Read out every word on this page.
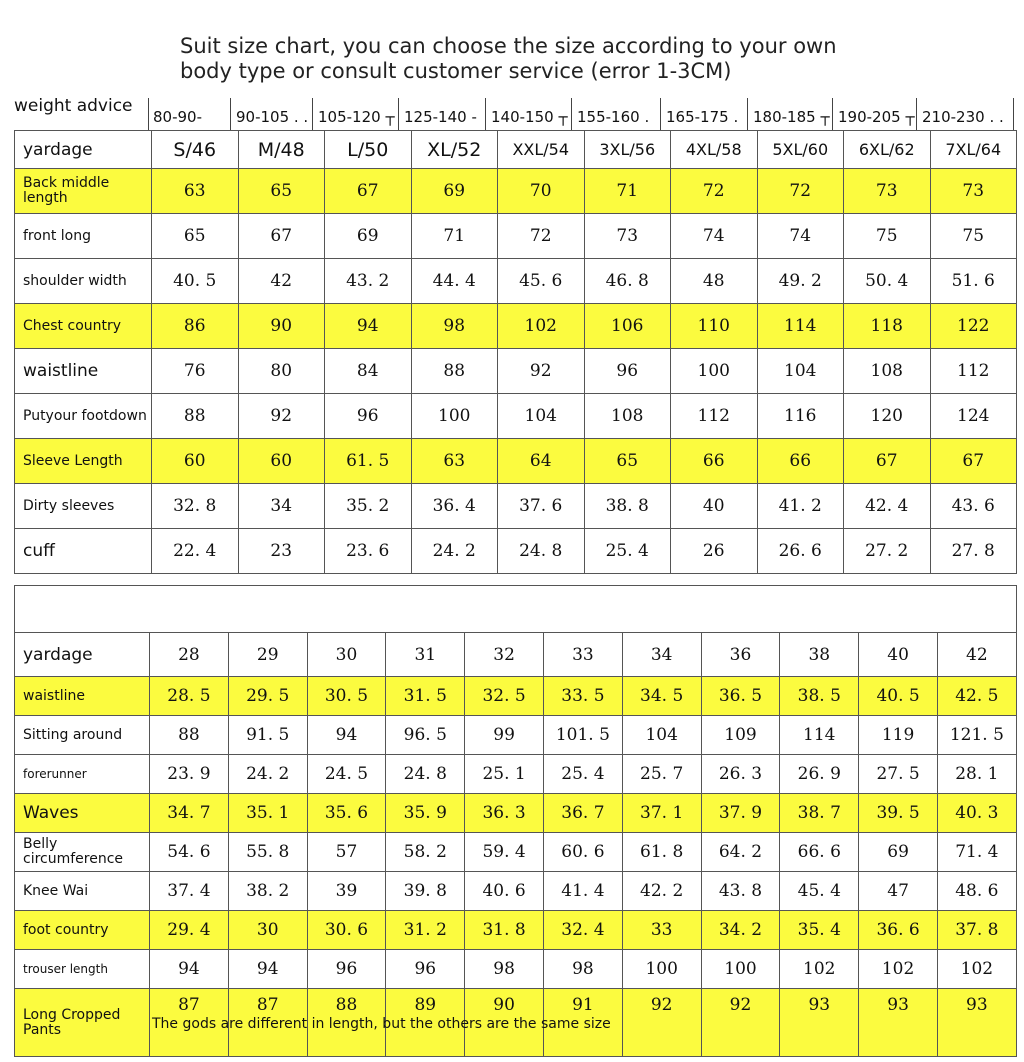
Suit size chart, you can choose the size according to your own
body type or consult customer service (error 1-3CM)
weight advice
80-90- 90-105 . . 105-120 ┬ 125-140 - 140-150 ┬ 155-160 . 165-175 . 180-185 ┬ 190-205 ┬ 210-230 . .
yardage	S/46	M/48	L/50	XL/52	XXL/54	3XL/56	4XL/58	5XL/60	6XL/62	7XL/64
Back middle length	63	65	67	69	70	71	72	72	73	73
front long	65	67	69	71	72	73	74	74	75	75
shoulder width	40. 5	42	43. 2	44. 4	45. 6	46. 8	48	49. 2	50. 4	51. 6
Chest country	86	90	94	98	102	106	110	114	118	122
waistline	76	80	84	88	92	96	100	104	108	112
Putyour footdown	88	92	96	100	104	108	112	116	120	124
Sleeve Length	60	60	61. 5	63	64	65	66	66	67	67
Dirty sleeves	32. 8	34	35. 2	36. 4	37. 6	38. 8	40	41. 2	42. 4	43. 6
cuff	22. 4	23	23. 6	24. 2	24. 8	25. 4	26	26. 6	27. 2	27. 8
yardage	28	29	30	31	32	33	34	36	38	40	42
waistline	28. 5	29. 5	30. 5	31. 5	32. 5	33. 5	34. 5	36. 5	38. 5	40. 5	42. 5
Sitting around	88	91. 5	94	96. 5	99	101. 5	104	109	114	119	121. 5
forerunner	23. 9	24. 2	24. 5	24. 8	25. 1	25. 4	25. 7	26. 3	26. 9	27. 5	28. 1
Waves	34. 7	35. 1	35. 6	35. 9	36. 3	36. 7	37. 1	37. 9	38. 7	39. 5	40. 3
Belly circumference	54. 6	55. 8	57	58. 2	59. 4	60. 6	61. 8	64. 2	66. 6	69	71. 4
Knee Wai	37. 4	38. 2	39	39. 8	40. 6	41. 4	42. 2	43. 8	45. 4	47	48. 6
foot country	29. 4	30	30. 6	31. 2	31. 8	32. 4	33	34. 2	35. 4	36. 6	37. 8
trouser length	94	94	96	96	98	98	100	100	102	102	102
Long Cropped Pants	87	87	88	89	90	91	92	92	93	93	93
The gods are different in length, but the others are the same size
